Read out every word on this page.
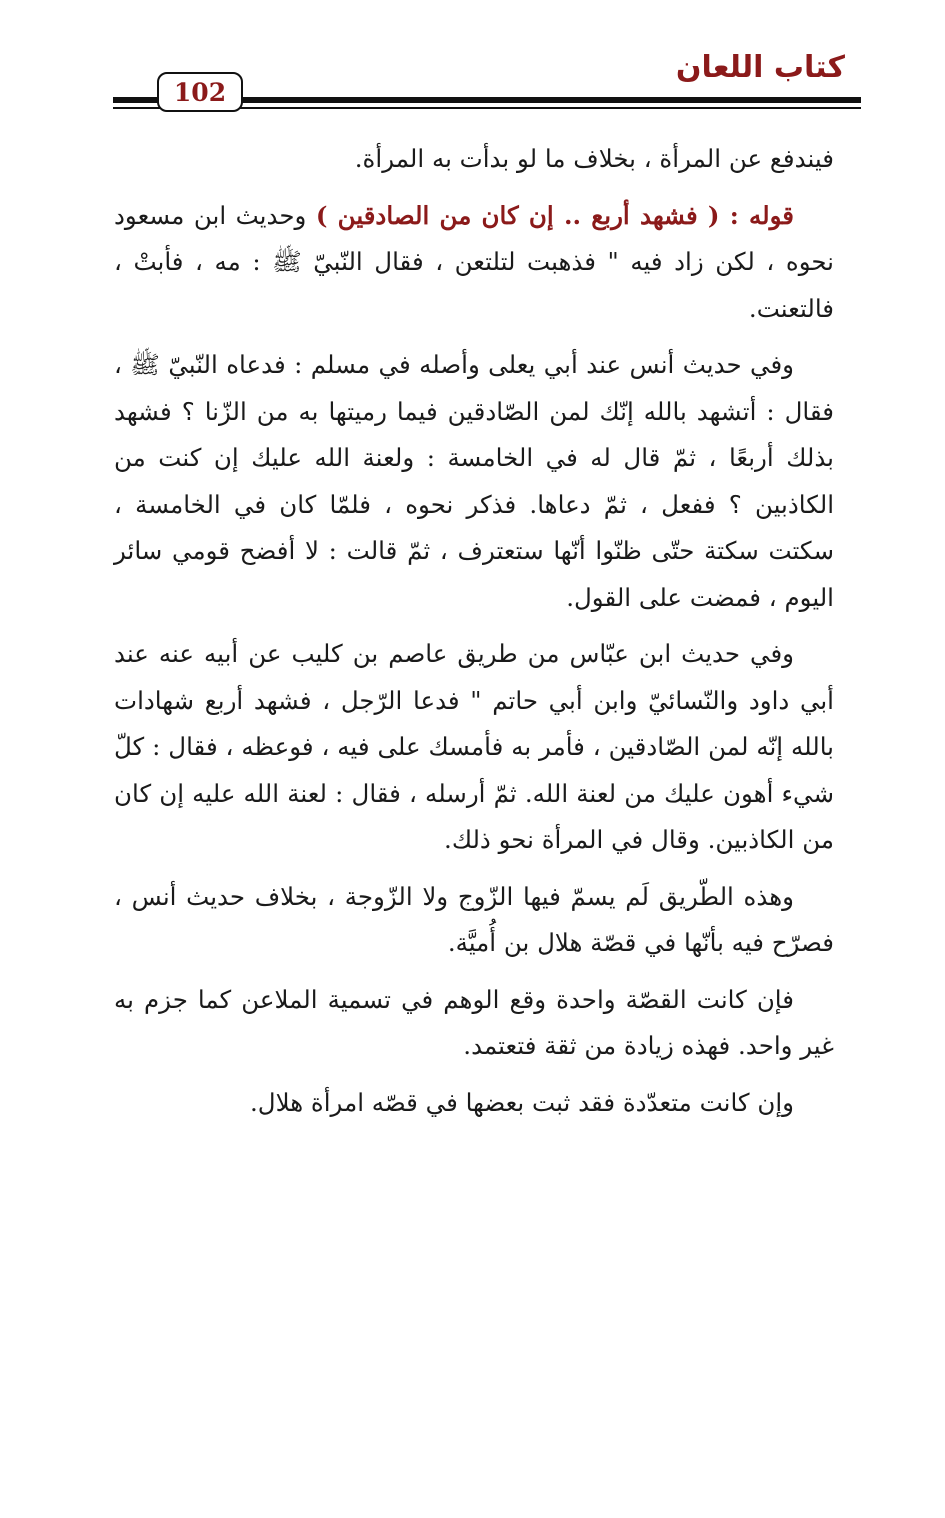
كتاب اللعان
102

فيندفع عن المرأة ، بخلاف ما لو بدأت به المرأة.

قوله : ( فشهد أربع .. إن كان من الصادقين ) وحديث ابن مسعود نحوه ، لكن زاد فيه " فذهبت لتلتعن ، فقال النّبيّ ﷺ : مه ، فأبتْ ، فالتعنت.

وفي حديث أنس عند أبي يعلى وأصله في مسلم : فدعاه النّبيّ ﷺ ، فقال : أتشهد بالله إنّك لمن الصّادقين فيما رميتها به من الزّنا ؟ فشهد بذلك أربعًا ، ثمّ قال له في الخامسة : ولعنة الله عليك إن كنت من الكاذبين ؟ ففعل ، ثمّ دعاها. فذكر نحوه ، فلمّا كان في الخامسة ، سكتت سكتة حتّى ظنّوا أنّها ستعترف ، ثمّ قالت : لا أفضح قومي سائر اليوم ، فمضت على القول.

وفي حديث ابن عبّاس من طريق عاصم بن كليب عن أبيه عنه عند أبي داود والنّسائيّ وابن أبي حاتم " فدعا الرّجل ، فشهد أربع شهادات بالله إنّه لمن الصّادقين ، فأمر به فأمسك على فيه ، فوعظه ، فقال : كلّ شيء أهون عليك من لعنة الله. ثمّ أرسله ، فقال : لعنة الله عليه إن كان من الكاذبين. وقال في المرأة نحو ذلك.

وهذه الطّريق لَم يسمّ فيها الزّوج ولا الزّوجة ، بخلاف حديث أنس ، فصرّح فيه بأنّها في قصّة هلال بن أُميَّة.

فإن كانت القصّة واحدة وقع الوهم في تسمية الملاعن كما جزم به غير واحد. فهذه زيادة من ثقة فتعتمد.

وإن كانت متعدّدة فقد ثبت بعضها في قصّه امرأة هلال.
